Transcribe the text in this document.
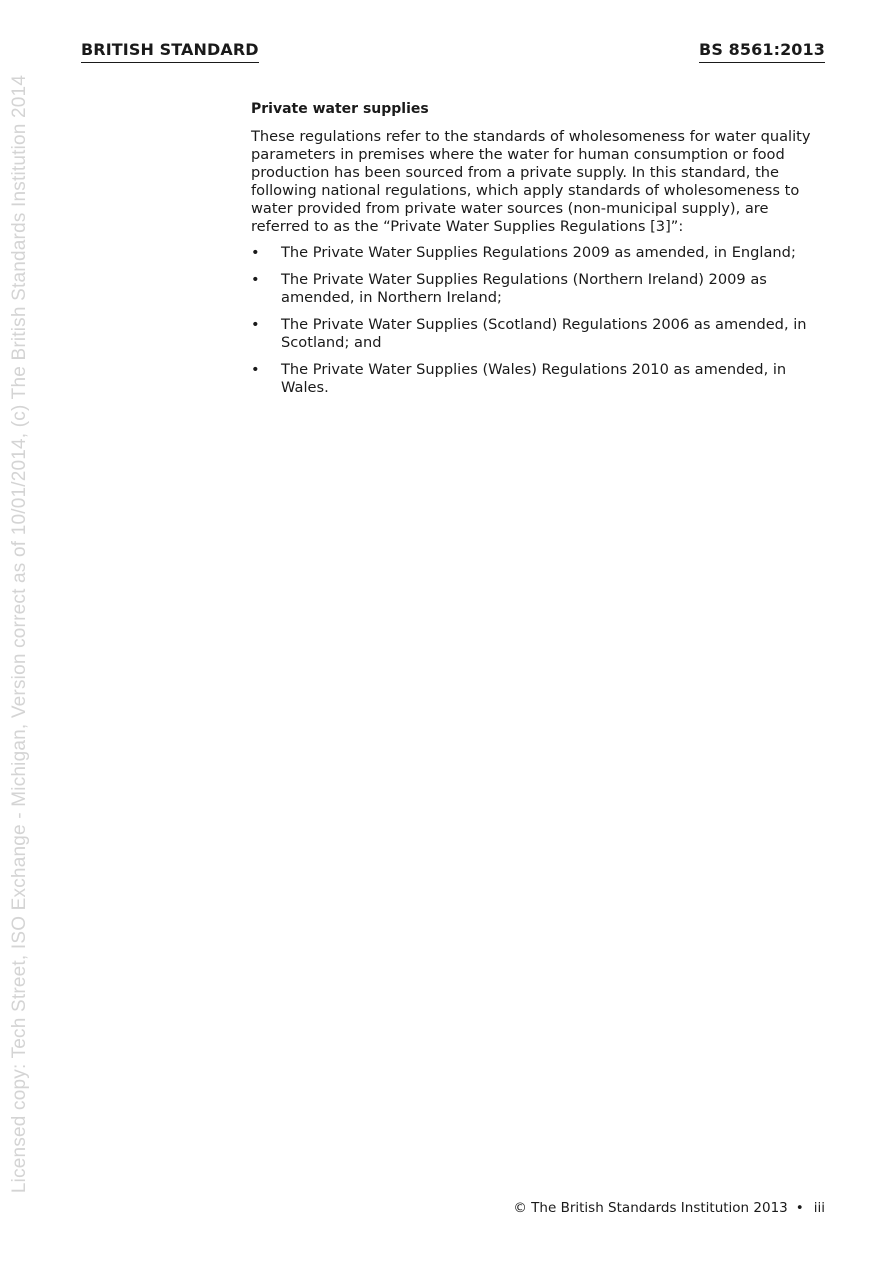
BRITISH STANDARD	BS 8561:2013
Licensed copy: Tech Street, ISO Exchange - Michigan, Version correct as of 10/01/2014, (c) The British Standards Institution 2014	Private water supplies

These regulations refer to the standards of wholesomeness for water quality parameters in premises where the water for human consumption or food production has been sourced from a private supply. In this standard, the following national regulations, which apply standards of wholesomeness to water provided from private water sources (non-municipal supply), are referred to as the “Private Water Supplies Regulations [3]”:

• The Private Water Supplies Regulations 2009 as amended, in England;
• The Private Water Supplies Regulations (Northern Ireland) 2009 as amended, in Northern Ireland;
• The Private Water Supplies (Scotland) Regulations 2006 as amended, in Scotland; and
• The Private Water Supplies (Wales) Regulations 2010 as amended, in Wales.
© The British Standards Institution 2013 • iii
